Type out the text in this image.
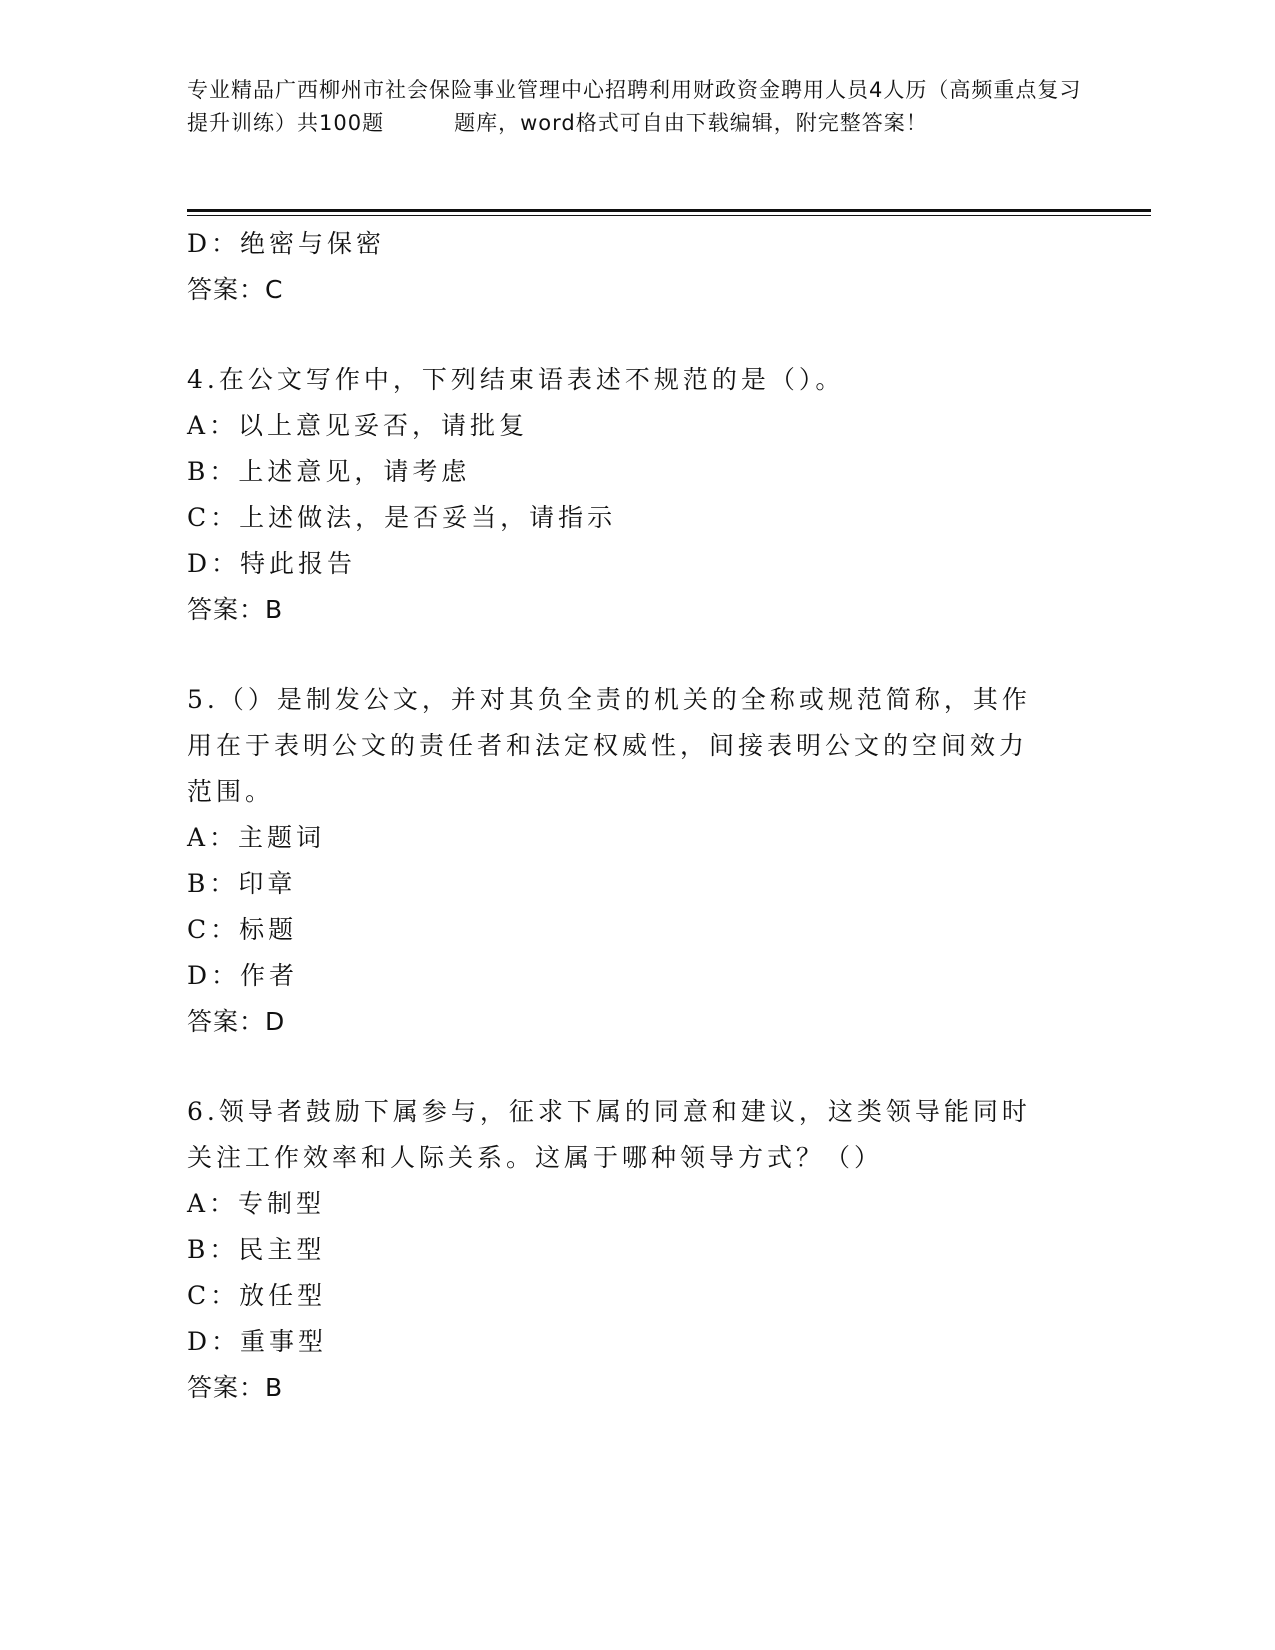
专业精品广西柳州市社会保险事业管理中心招聘利用财政资金聘用人员4人历（高频重点复习提升训练）共100题	题库，word格式可自由下载编辑，附完整答案！
D：绝密与保密
答案：C
4.在公文写作中，下列结束语表述不规范的是（）。
A：以上意见妥否，请批复
B：上述意见，请考虑
C：上述做法，是否妥当，请指示
D：特此报告
答案：B
5.（）是制发公文，并对其负全责的机关的全称或规范简称，其作用在于表明公文的责任者和法定权威性，间接表明公文的空间效力范围。
A：主题词
B：印章
C：标题
D：作者
答案：D
6.领导者鼓励下属参与，征求下属的同意和建议，这类领导能同时关注工作效率和人际关系。这属于哪种领导方式？（）
A：专制型
B：民主型
C：放任型
D：重事型
答案：B
